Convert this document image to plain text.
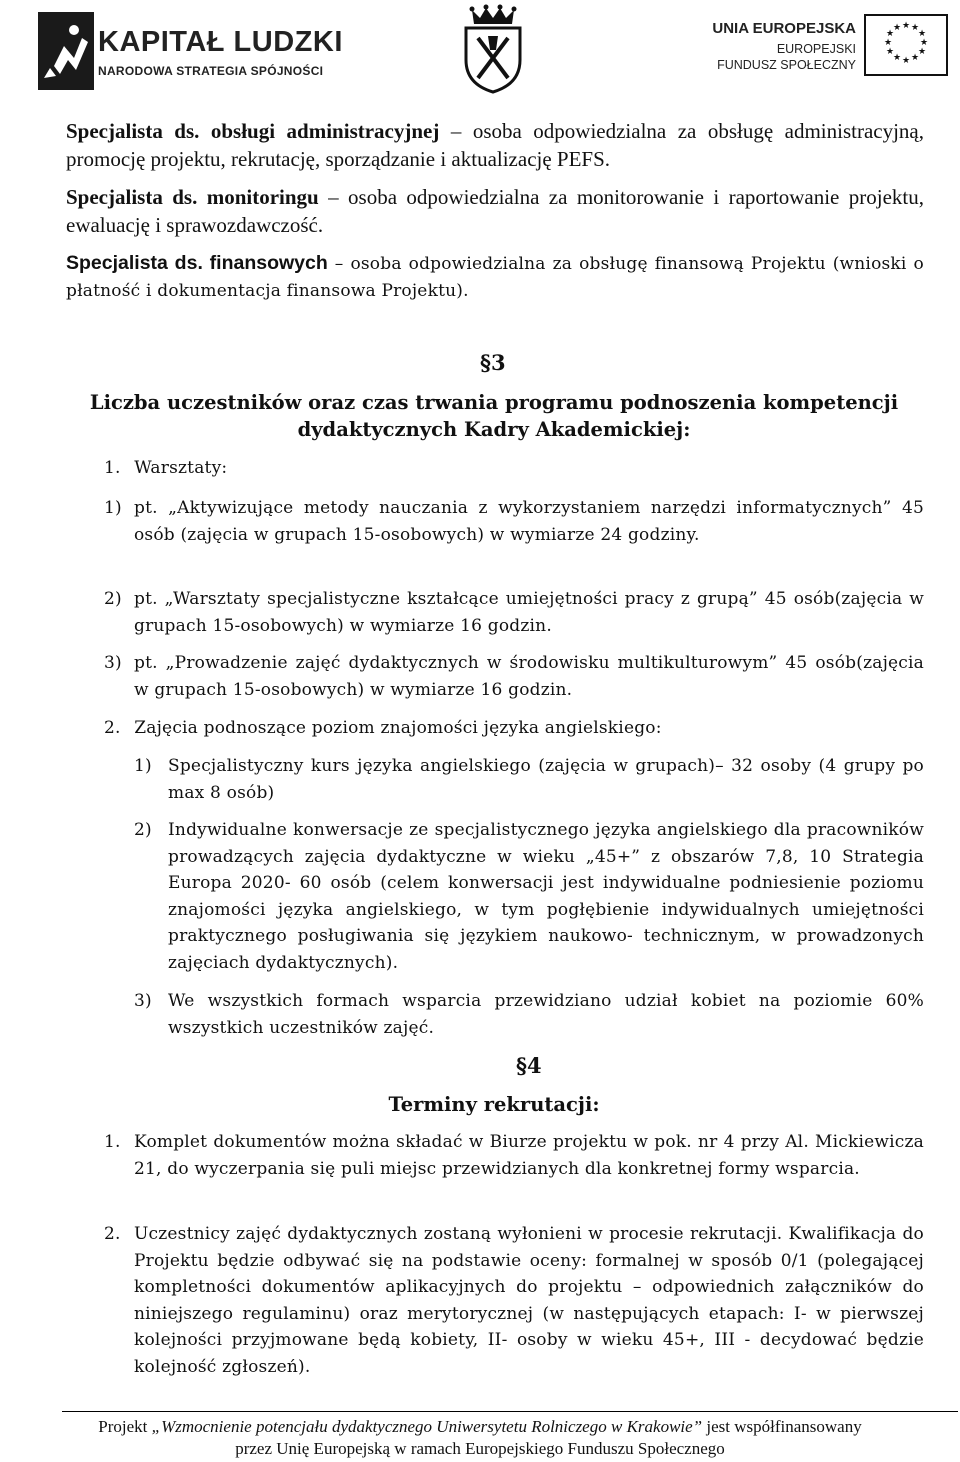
KAPITAŁ LUDZKI
NARODOWA STRATEGIA SPÓJNOŚCI
UNIA EUROPEJSKA
EUROPEJSKI
FUNDUSZ SPOŁECZNY
★ ★
★
★
★
★
★
★
★
★
★
★
Specjalista ds. obsługi administracyjnej – osoba odpowiedzialna za obsługę administracyjną, promocję projektu, rekrutację, sporządzanie i aktualizację PEFS.
Specjalista ds. monitoringu – osoba odpowiedzialna za monitorowanie i raportowanie projektu, ewaluację i sprawozdawczość.
Specjalista ds. finansowych – osoba odpowiedzialna za obsługę finansową Projektu (wnioski o płatność i dokumentacja finansowa Projektu).
§3
Liczba uczestników oraz czas trwania programu podnoszenia kompetencji
dydaktycznych Kadry Akademickiej:
1. Warsztaty:
1) pt. „Aktywizujące metody nauczania z wykorzystaniem narzędzi informatycznych” 45 osób (zajęcia w grupach 15-osobowych) w wymiarze 24 godziny.
2) pt. „Warsztaty specjalistyczne kształcące umiejętności pracy z grupą” 45 osób(zajęcia w grupach 15-osobowych) w wymiarze 16 godzin.
3) pt. „Prowadzenie zajęć dydaktycznych w środowisku multikulturowym” 45 osób(zajęcia w grupach 15-osobowych) w wymiarze 16 godzin.
2. Zajęcia podnoszące poziom znajomości języka angielskiego:
1) Specjalistyczny kurs języka angielskiego (zajęcia w grupach)– 32 osoby (4 grupy po max 8 osób)
2) Indywidualne konwersacje ze specjalistycznego języka angielskiego dla pracowników prowadzących zajęcia dydaktyczne w wieku „45+” z obszarów 7,8, 10 Strategia Europa 2020- 60 osób (celem konwersacji jest indywidualne podniesienie poziomu znajomości języka angielskiego, w tym pogłębienie indywidualnych umiejętności praktycznego posługiwania się językiem naukowo- technicznym, w prowadzonych zajęciach dydaktycznych).
3) We wszystkich formach wsparcia przewidziano udział kobiet na poziomie 60% wszystkich uczestników zajęć.
§4
Terminy rekrutacji:
1. Komplet dokumentów można składać w Biurze projektu w pok. nr 4 przy Al. Mickiewicza 21, do wyczerpania się puli miejsc przewidzianych dla konkretnej formy wsparcia.
2. Uczestnicy zajęć dydaktycznych zostaną wyłonieni w procesie rekrutacji. Kwalifikacja do Projektu będzie odbywać się na podstawie oceny: formalnej w sposób 0/1 (polegającej kompletności dokumentów aplikacyjnych do projektu – odpowiednich załączników do niniejszego regulaminu) oraz merytorycznej (w następujących etapach: I- w pierwszej kolejności przyjmowane będą kobiety, II- osoby w wieku 45+, III - decydować będzie kolejność zgłoszeń).
Projekt „Wzmocnienie potencjału dydaktycznego Uniwersytetu Rolniczego w Krakowie” jest współfinansowany
przez Unię Europejską w ramach Europejskiego Funduszu Społecznego
